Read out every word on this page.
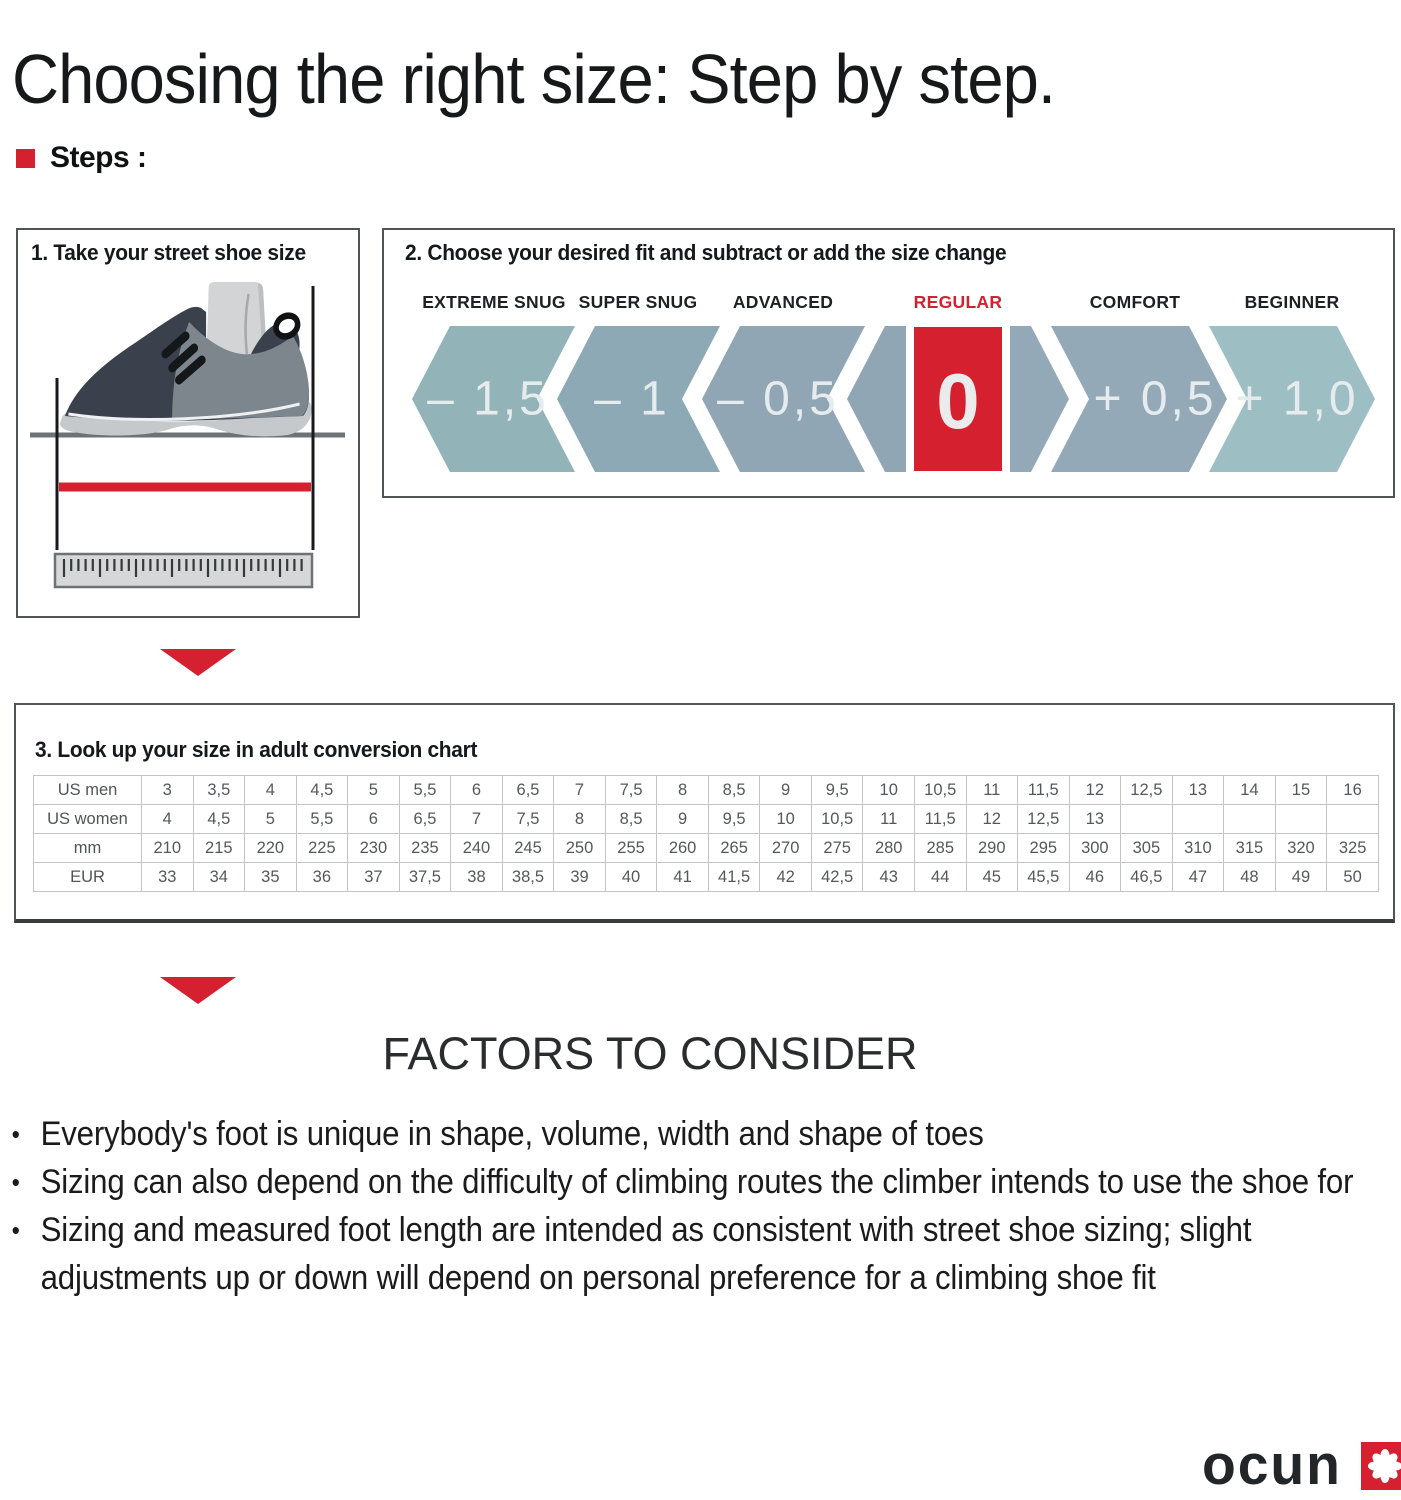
Choosing the right size: Step by step.
Steps :
1. Take your street shoe size	2. Choose your desired fit and subtract or add the size change
EXTREME SNUG SUPER SNUG ADVANCED	REGULAR	COMFORT	BEGINNER
– 1,5 – 1 – 0,5 0 + 0,5 + 1,0
3. Look up your size in adult conversion chart
US men	3	3,5	4	4,5	5	5,5	6	6,5	7	7,5	8	8,5	9	9,5	10	10,5	11	11,5	12	12,5	13	14	15	16
US women	4	4,5	5	5,5	6	6,5	7	7,5	8	8,5	9	9,5	10	10,5	11	11,5	12	12,5	13					
mm	210	215	220	225	230	235	240	245	250	255	260	265	270	275	280	285	290	295	300	305	310	315	320	325
EUR	33	34	35	36	37	37,5	38	38,5	39	40	41	41,5	42	42,5	43	44	45	45,5	46	46,5	47	48	49	50
FACTORS TO CONSIDER
• Everybody's foot is unique in shape, volume, width and shape of toes
• Sizing can also depend on the difficulty of climbing routes the climber intends to use the shoe for
• Sizing and measured foot length are intended as consistent with street shoe sizing; slight adjustments up or down will depend on personal preference for a climbing shoe fit
ocun
